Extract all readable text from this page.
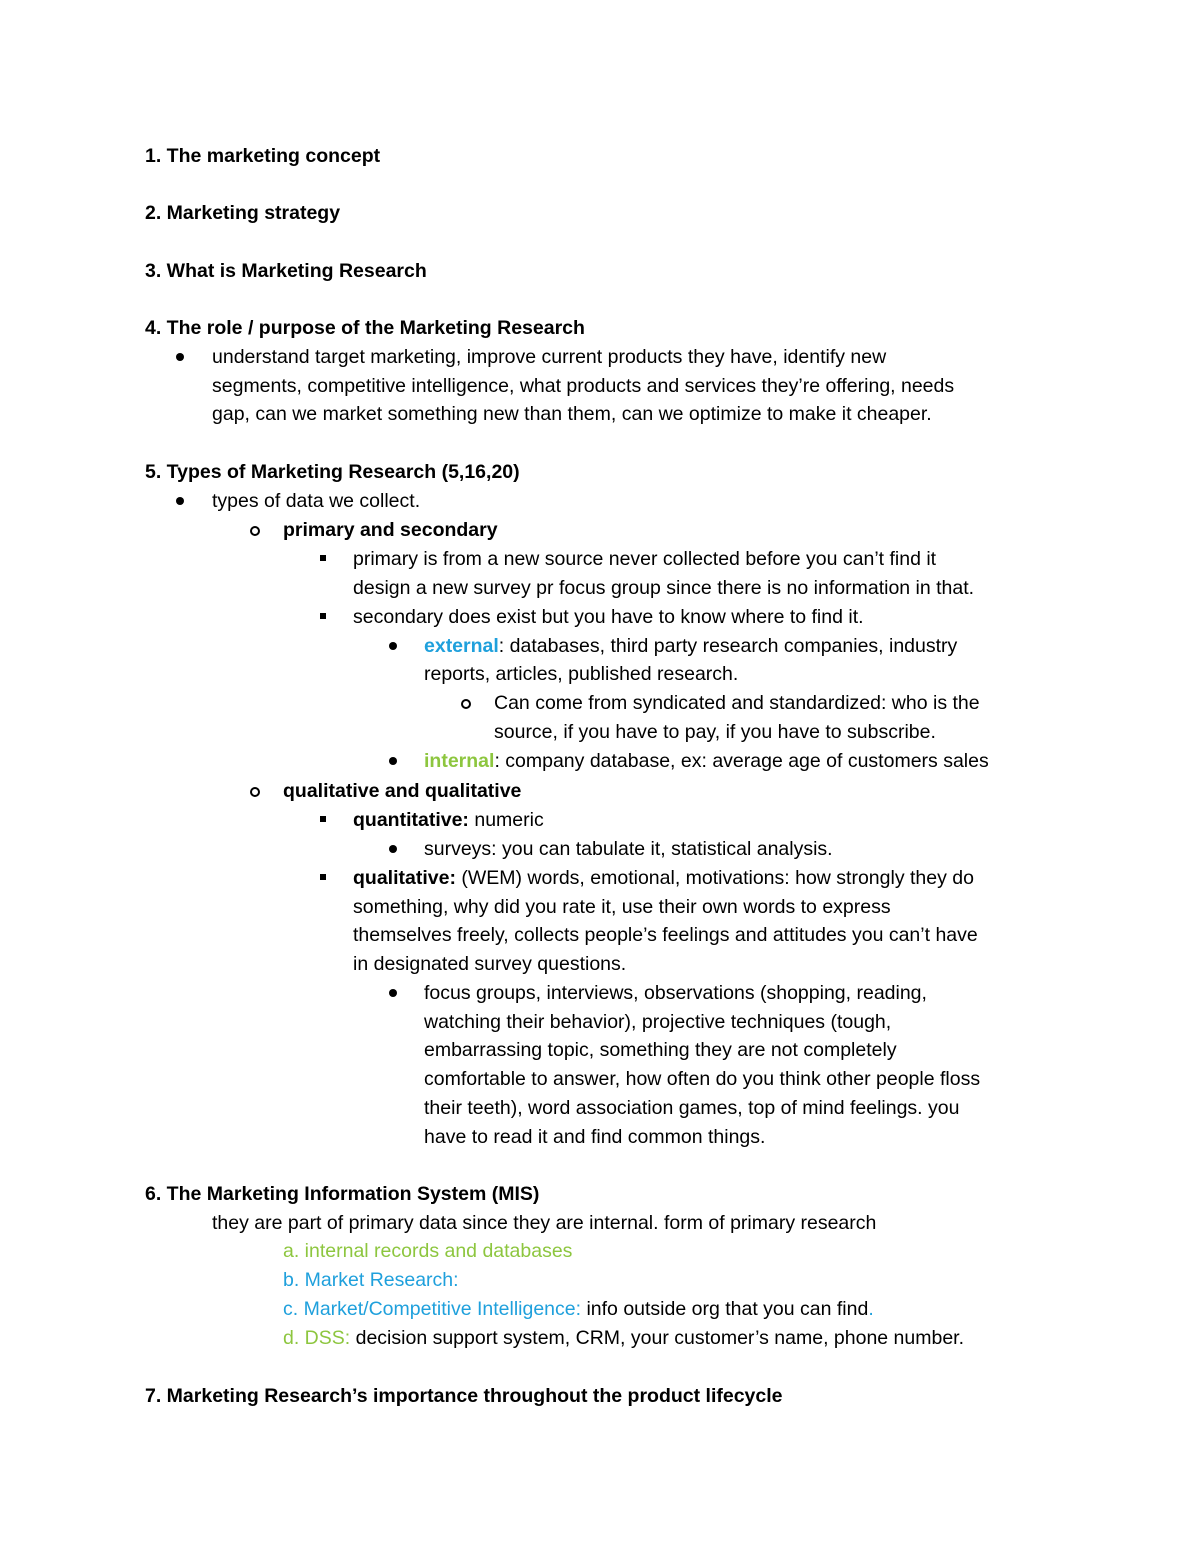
1. The marketing concept
2. Marketing strategy
3. What is Marketing Research
4. The role / purpose of the Marketing Research
understand target marketing, improve current products they have, identify new
segments, competitive intelligence, what products and services they’re offering, needs
gap, can we market something new than them, can we optimize to make it cheaper.
5. Types of Marketing Research (5,16,20)
types of data we collect.
primary and secondary
primary is from a new source never collected before you can’t find it
design a new survey pr focus group since there is no information in that.
secondary does exist but you have to know where to find it.
external: databases, third party research companies, industry
reports, articles, published research.
Can come from syndicated and standardized: who is the
source, if you have to pay, if you have to subscribe.
internal: company database, ex: average age of customers sales
qualitative and qualitative
quantitative: numeric
surveys: you can tabulate it, statistical analysis.
qualitative: (WEM) words, emotional, motivations: how strongly they do
something, why did you rate it, use their own words to express
themselves freely, collects people’s feelings and attitudes you can’t have
in designated survey questions.
focus groups, interviews, observations (shopping, reading,
watching their behavior), projective techniques (tough,
embarrassing topic, something they are not completely
comfortable to answer, how often do you think other people floss
their teeth), word association games, top of mind feelings. you
have to read it and find common things.
6. The Marketing Information System (MIS)
they are part of primary data since they are internal. form of primary research
a. internal records and databases
b. Market Research:
c. Market/Competitive Intelligence: info outside org that you can find.
d. DSS: decision support system, CRM, your customer’s name, phone number.
7. Marketing Research’s importance throughout the product lifecycle
